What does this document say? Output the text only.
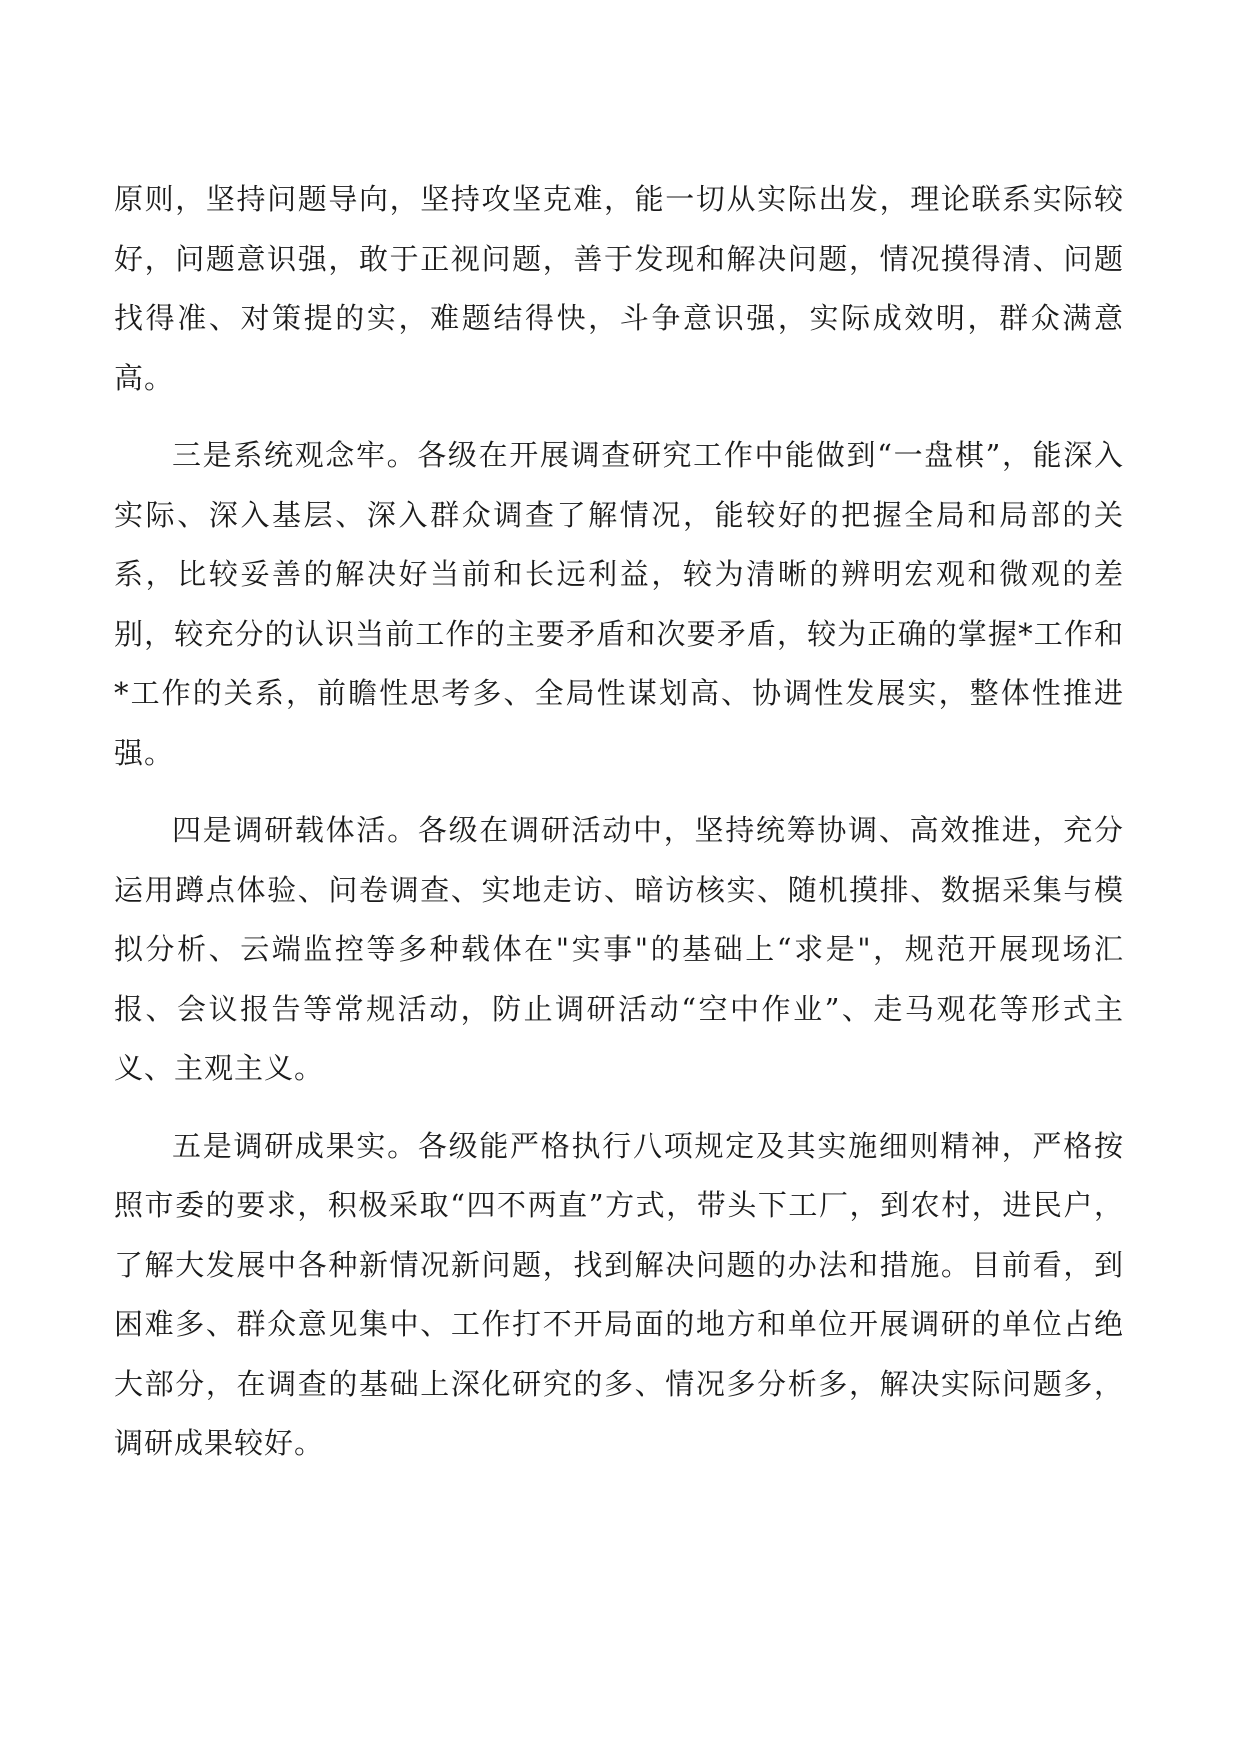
原则，坚持问题导向，坚持攻坚克难，能一切从实际出发，理论联系实际较好，问题意识强，敢于正视问题，善于发现和解决问题，情况摸得清、问题找得准、对策提的实，难题结得快，斗争意识强，实际成效明，群众满意高。

三是系统观念牢。各级在开展调查研究工作中能做到“一盘棋”，能深入实际、深入基层、深入群众调查了解情况，能较好的把握全局和局部的关系，比较妥善的解决好当前和长远利益，较为清晰的辨明宏观和微观的差别，较充分的认识当前工作的主要矛盾和次要矛盾，较为正确的掌握*工作和*工作的关系，前瞻性思考多、全局性谋划高、协调性发展实，整体性推进强。

四是调研载体活。各级在调研活动中，坚持统筹协调、高效推进，充分运用蹲点体验、问卷调查、实地走访、暗访核实、随机摸排、数据采集与模拟分析、云端监控等多种载体在"实事"的基础上“求是"，规范开展现场汇报、会议报告等常规活动，防止调研活动“空中作业”、走马观花等形式主义、主观主义。

五是调研成果实。各级能严格执行八项规定及其实施细则精神，严格按照市委的要求，积极采取“四不两直”方式，带头下工厂，到农村，进民户，了解大发展中各种新情况新问题，找到解决问题的办法和措施。目前看，到困难多、群众意见集中、工作打不开局面的地方和单位开展调研的单位占绝大部分，在调查的基础上深化研究的多、情况多分析多，解决实际问题多，调研成果较好。
